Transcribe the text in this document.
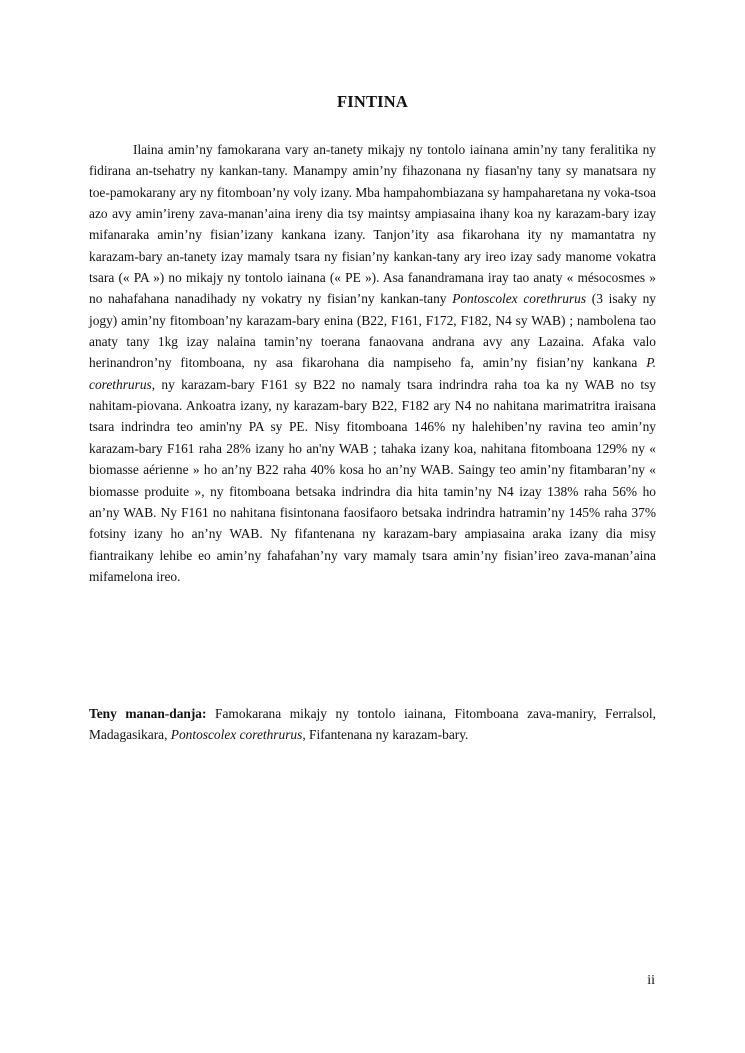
FINTINA

Ilaina amin’ny famokarana vary an-tanety mikajy ny tontolo iainana amin’ny tany feralitika ny fidirana an-tsehatry ny kankan-tany. Manampy amin’ny fihazonana ny fiasan'ny tany sy manatsara ny toe-pamokarany ary ny fitomboan’ny voly izany. Mba hampahombiazana sy hampaharetana ny voka-tsoa azo avy amin’ireny zava-manan’aina ireny dia tsy maintsy ampiasaina ihany koa ny karazam-bary izay mifanaraka amin’ny fisian’izany kankana izany. Tanjon’ity asa fikarohana ity ny mamantatra ny karazam-bary an-tanety izay mamaly tsara ny fisian’ny kankan-tany ary ireo izay sady manome vokatra tsara (« PA ») no mikajy ny tontolo iainana (« PE »). Asa fanandramana iray tao anaty « mésocosmes » no nahafahana nanadihady ny vokatry ny fisian’ny kankan-tany Pontoscolex corethrurus (3 isaky ny jogy) amin’ny fitomboan’ny karazam-bary enina (B22, F161, F172, F182, N4 sy WAB) ; nambolena tao anaty tany 1kg izay nalaina tamin’ny toerana fanaovana andrana avy any Lazaina. Afaka valo herinandron’ny fitomboana, ny asa fikarohana dia nampiseho fa, amin’ny fisian’ny kankana P. corethrurus, ny karazam-bary F161 sy B22 no namaly tsara indrindra raha toa ka ny WAB no tsy nahitam-piovana. Ankoatra izany, ny karazam-bary B22, F182 ary N4 no nahitana marimatritra iraisana tsara indrindra teo amin'ny PA sy PE. Nisy fitomboana 146% ny halehiben’ny ravina teo amin’ny karazam-bary F161 raha 28% izany ho an'ny WAB ; tahaka izany koa, nahitana fitomboana 129% ny « biomasse aérienne » ho an’ny B22 raha 40% kosa ho an’ny WAB. Saingy teo amin’ny fitambaran’ny « biomasse produite », ny fitomboana betsaka indrindra dia hita tamin’ny N4 izay 138% raha 56% ho an’ny WAB. Ny F161 no nahitana fisintonana faosifaoro betsaka indrindra hatramin’ny 145% raha 37% fotsiny izany ho an’ny WAB. Ny fifantenana ny karazam-bary ampiasaina araka izany dia misy fiantraikany lehibe eo amin’ny fahafahan’ny vary mamaly tsara amin’ny fisian’ireo zava-manan’aina mifamelona ireo.

Teny manan-danja: Famokarana mikajy ny tontolo iainana, Fitomboana zava-maniry, Ferralsol, Madagasikara, Pontoscolex corethrurus, Fifantenana ny karazam-bary.

ii
